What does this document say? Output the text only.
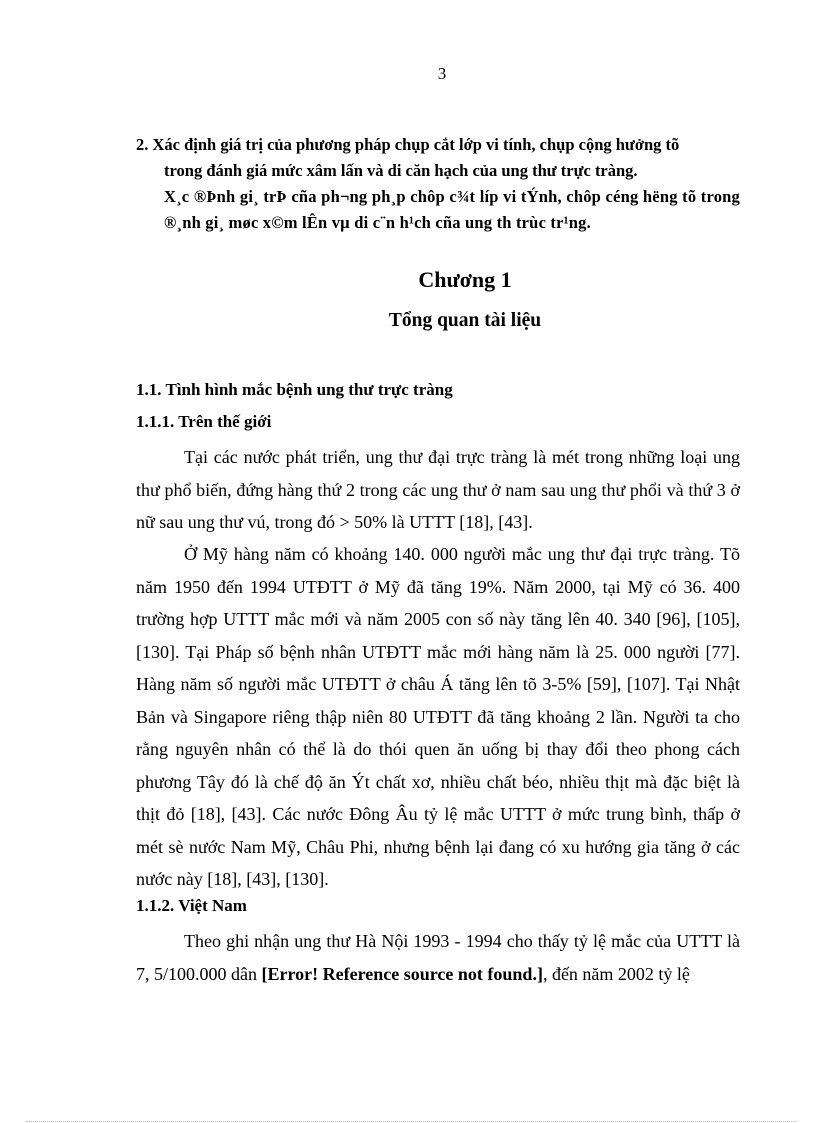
3
2. Xác định giá trị của phương pháp chụp cắt lớp vi tính, chụp cộng hưởng tõ
trong đánh giá mức xâm lấn và di căn hạch của ung thư trực tràng.
X¸c ®Þnh gi¸ trÞ cña ph¬ng ph¸p chôp c¾t líp vi tÝnh, chôp céng hëng tõ trong ®¸nh gi¸ møc x©m lÊn vµ di c¨n h¹ch cña ung th trùc tr¹ng.
Chương 1
Tổng quan tài liệu
1.1. Tình hình mắc bệnh ung thư trực tràng
1.1.1. Trên thế giới

Tại các nước phát triển, ung thư đại trực tràng là mét trong những loại ung thư phổ biến, đứng hàng thứ 2 trong các ung thư ở nam sau ung thư phổi và thứ 3 ở nữ sau ung thư vú, trong đó > 50% là UTTT [18], [43].

Ở Mỹ hàng năm có khoảng 140. 000 người mắc ung thư đại trực tràng. Tõ năm 1950 đến 1994 UTĐTT ở Mỹ đã tăng 19%. Năm 2000, tại Mỹ có 36. 400 trường hợp UTTT mắc mới và năm 2005 con số này tăng lên 40. 340 [96], [105], [130]. Tại Pháp số bệnh nhân UTĐTT mắc mới hàng năm là 25. 000 người [77]. Hàng năm số người mắc UTĐTT ở châu Á tăng lên tõ 3-5% [59], [107]. Tại Nhật Bản và Singapore riêng thập niên 80 UTĐTT đã tăng khoảng 2 lần. Người ta cho rằng nguyên nhân có thể là do thói quen ăn uống bị thay đổi theo phong cách phương Tây đó là chế độ ăn Ýt chất xơ, nhiều chất béo, nhiều thịt mà đặc biệt là thịt đỏ [18], [43]. Các nước Đông Âu tỷ lệ mắc UTTT ở mức trung bình, thấp ở mét sè nước Nam Mỹ, Châu Phi, nhưng bệnh lại đang có xu hướng gia tăng ở các nước này [18], [43], [130].

1.1.2. Việt Nam

Theo ghi nhận ung thư Hà Nội 1993 - 1994 cho thấy tỷ lệ mắc của UTTT là 7, 5/100.000 dân [Error! Reference source not found.], đến năm 2002 tỷ lệ
